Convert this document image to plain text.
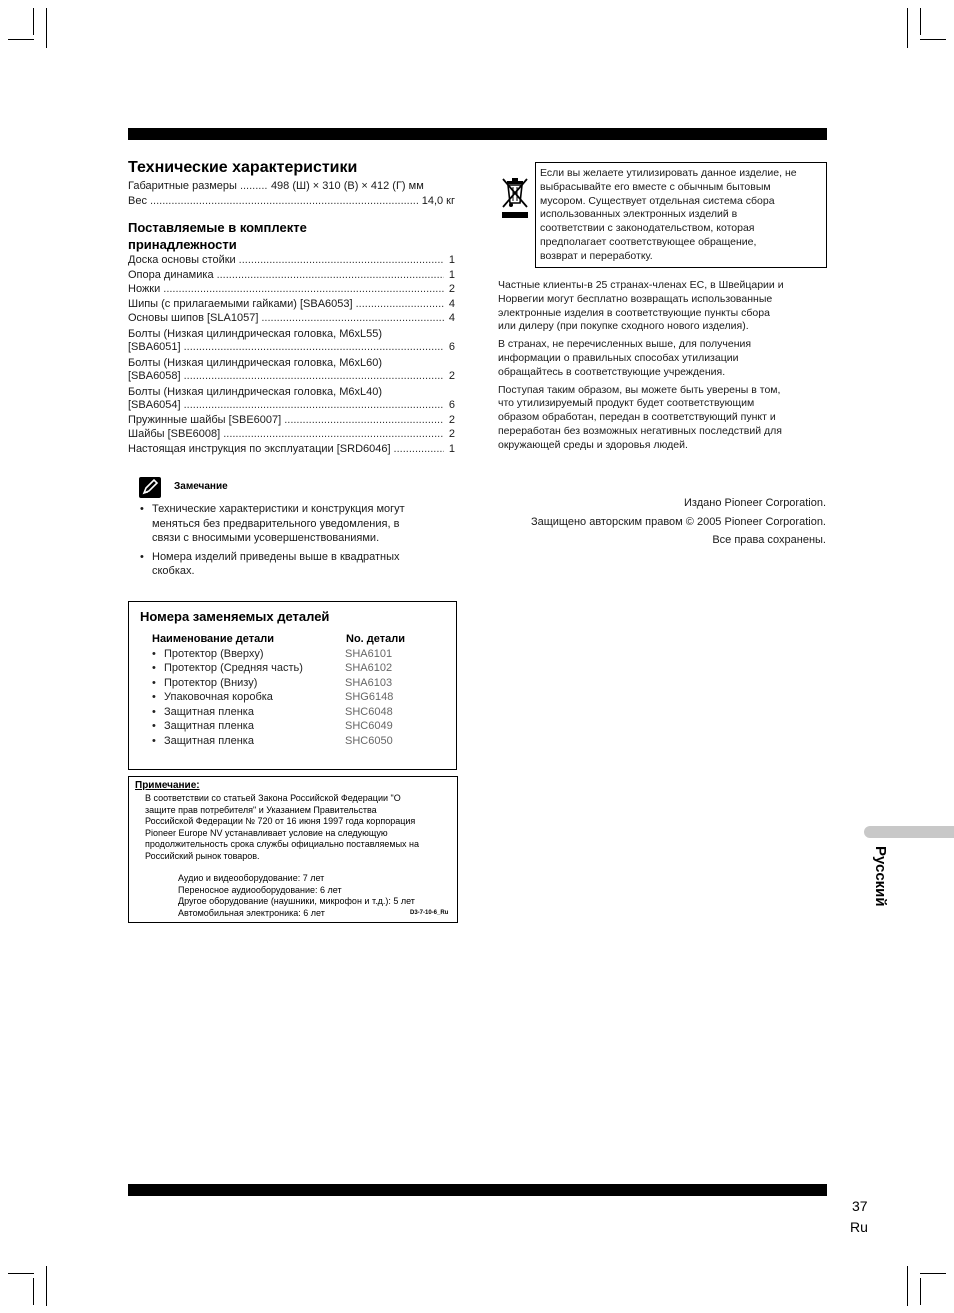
Технические характеристики
Габаритные размеры .....	498 (Ш) × 310 (В) × 412 (Г) мм
Вес .....	14,0 кг
Поставляемые в комплекте
принадлежности
Доска основы стойки .....	1
Опора динамика .....	1
Ножки .....	2
Шипы (с прилагаемыми гайками) [SBA6053] .....	4
Основы шипов [SLA1057] .....	4
Болты (Низкая цилиндрическая головка, M6xL55)
[SBA6051] .....	6
Болты (Низкая цилиндрическая головка, M6xL60)
[SBA6058] .....	2
Болты (Низкая цилиндрическая головка, M6xL40)
[SBA6054] .....	6
Пружинные шайбы [SBE6007] .....	2
Шайбы [SBE6008] .....	2
Настоящая инструкция по эксплуатации [SRD6046] .....	1
Замечание
• Технические характеристики и конструкция могут
меняться без предварительного уведомления, в
связи с вносимыми усовершенствованиями.
• Номера изделий приведены выше в квадратных
скобках.
Номера заменяемых деталей
Наименование детали	No. детали
• Протектор (Вверху)	SHA6101
• Протектор (Средняя часть)	SHA6102
• Протектор (Внизу)	SHA6103
• Упаковочная коробка	SHG6148
• Защитная пленка	SHC6048
• Защитная пленка	SHC6049
• Защитная пленка	SHC6050
Примечание:
В соответствии со статьей Закона Российской Федерации "О
защите прав потребителя" и Указанием Правительства
Российской Федерации № 720 от 16 июня 1997 года корпорация
Pioneer Europe NV устанавливает условие на следующую
продолжительность срока службы официально поставляемых на
Российский рынок товаров.
Аудио и видеооборудование: 7 лет
Переносное аудиооборудование: 6 лет
Другое оборудование (наушники, микрофон и т.д.): 5 лет
Автомобильная электроника: 6 лет	D3-7-10-6_Ru
Если вы желаете утилизировать данное изделие, не
выбрасывайте его вместе с обычным бытовым
мусором. Существует отдельная система сбора
использованных электронных изделий в
соответствии с законодательством, которая
предполагает соответствующее обращение,
возврат и переработку.
Частные клиенты-в 25 странах-членах ЕС, в Швейцарии и
Норвегии могут бесплатно возвращать использованные
электронные изделия в соответствующие пункты сбора
или дилеру (при покупке сходного нового изделия).
В странах, не перечисленных выше, для получения
информации о правильных способах утилизации
обращайтесь в соответствующие учреждения.
Поступая таким образом, вы можете быть уверены в том,
что утилизируемый продукт будет соответствующим
образом обработан, передан в соответствующий пункт и
переработан без возможных негативных последствий для
окружающей среды и здоровья людей.
Издано Pioneer Corporation.
Защищено авторским правом © 2005 Pioneer Corporation.
Все права сохранены.
Русский
37
Ru
